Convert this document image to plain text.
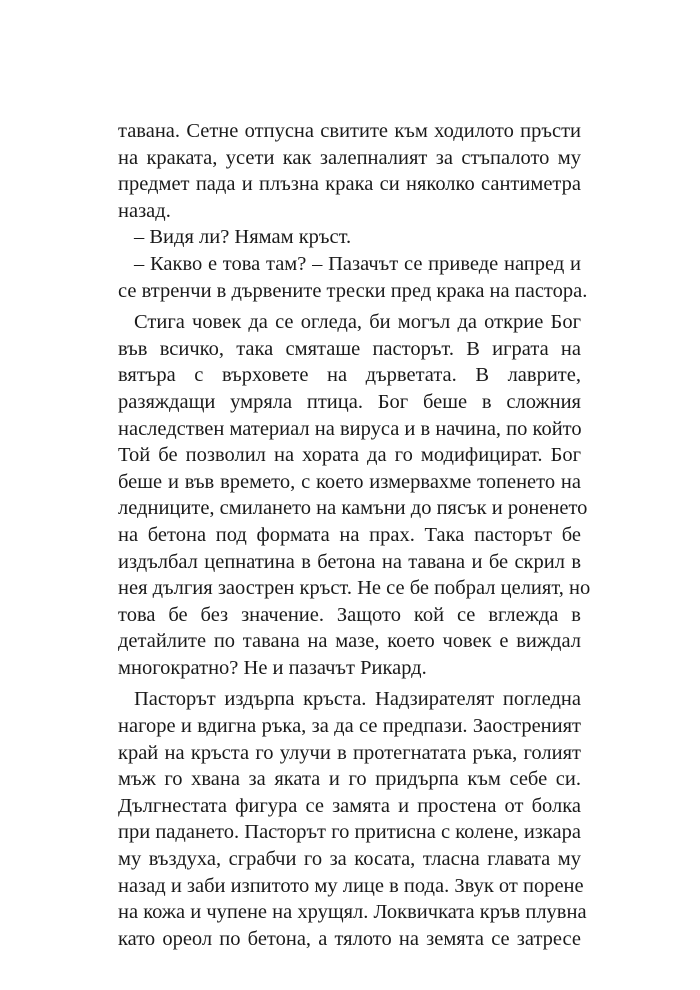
тавана. Сетне отпусна свитите към ходилото пръсти
на краката, усети как залепналият за стъпалото му
предмет пада и плъзна крака си няколко сантиметра
назад.
– Видя ли? Нямам кръст.
– Какво е това там? – Пазачът се приведе напред и
се втренчи в дървените трески пред крака на пастора.
Стига човек да се огледа, би могъл да открие Бог
във всичко, така смяташе пасторът. В играта на
вятъра с върховете на дърветата. В лаврите,
разяждащи умряла птица. Бог беше в сложния
наследствен материал на вируса и в начина, по който
Той бе позволил на хората да го модифицират. Бог
беше и във времето, с което измервахме топенето на
ледниците, смилането на камъни до пясък и роненето
на бетона под формата на прах. Така пасторът бе
издълбал цепнатина в бетона на тавана и бе скрил в
нея дългия заострен кръст. Не се бе побрал целият, но
това бе без значение. Защото кой се вглежда в
детайлите по тавана на мазе, което човек е виждал
многократно? Не и пазачът Рикард.
Пасторът издърпа кръста. Надзирателят погледна
нагоре и вдигна ръка, за да се предпази. Заостреният
край на кръста го улучи в протегнатата ръка, голият
мъж го хвана за яката и го придърпа към себе си.
Дългнестата фигура се замята и простена от болка
при падането. Пасторът го притисна с колене, изкара
му въздуха, сграбчи го за косата, тласна главата му
назад и заби изпитото му лице в пода. Звук от порене
на кожа и чупене на хрущял. Локвичката кръв плувна
като ореол по бетона, а тялото на земята се затресе
